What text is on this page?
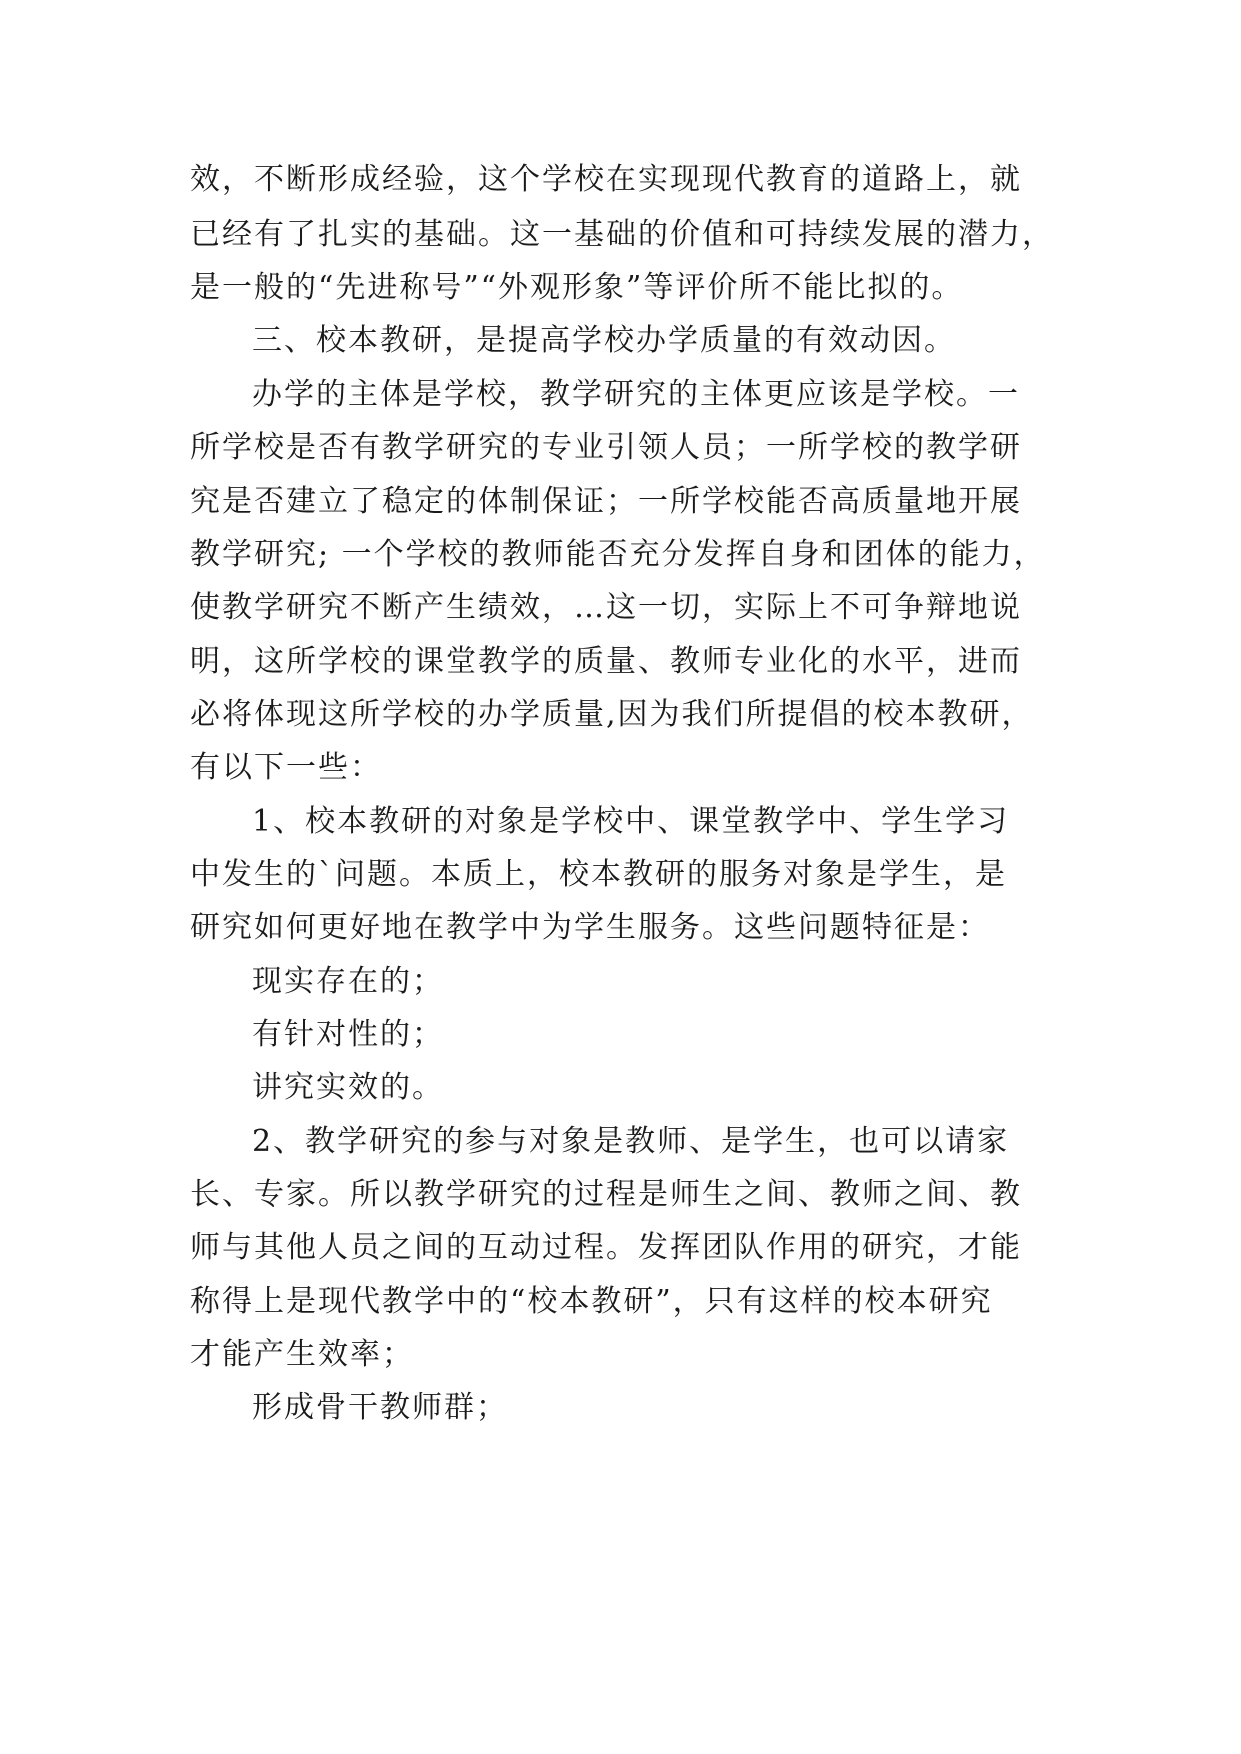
效，不断形成经验，这个学校在实现现代教育的道路上，就
已经有了扎实的基础。这一基础的价值和可持续发展的潜力，
是一般的“先进称号”“外观形象”等评价所不能比拟的。
三、校本教研，是提高学校办学质量的有效动因。
办学的主体是学校，教学研究的主体更应该是学校。一
所学校是否有教学研究的专业引领人员；一所学校的教学研
究是否建立了稳定的体制保证；一所学校能否高质量地开展
教学研究; 一个学校的教师能否充分发挥自身和团体的能力，
使教学研究不断产生绩效，…这一切，实际上不可争辩地说
明，这所学校的课堂教学的质量、教师专业化的水平，进而
必将体现这所学校的办学质量,因为我们所提倡的校本教研，
有以下一些：
1、校本教研的对象是学校中、课堂教学中、学生学习
中发生的`问题。本质上，校本教研的服务对象是学生，是
研究如何更好地在教学中为学生服务。这些问题特征是：
现实存在的；
有针对性的；
讲究实效的。
2、教学研究的参与对象是教师、是学生，也可以请家
长、专家。所以教学研究的过程是师生之间、教师之间、教
师与其他人员之间的互动过程。发挥团队作用的研究，才能
称得上是现代教学中的“校本教研”，只有这样的校本研究
才能产生效率；
形成骨干教师群；
